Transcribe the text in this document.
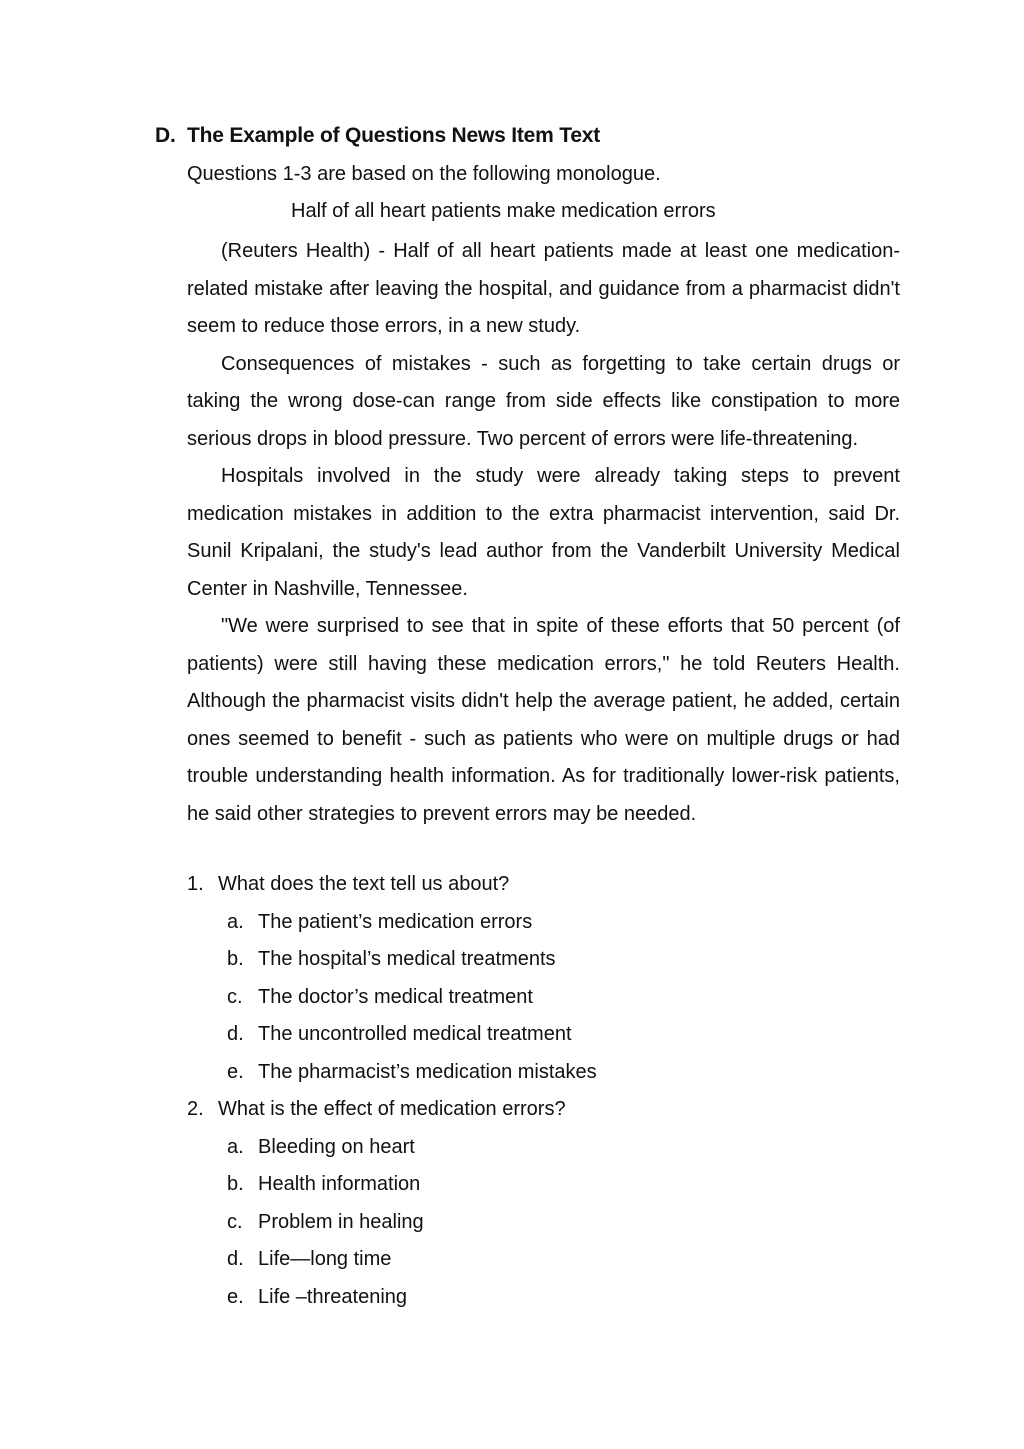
D. The Example of Questions News Item Text
Questions 1-3 are based on the following monologue.
Half of all heart patients make medication errors

(Reuters Health) - Half of all heart patients made at least one medication-related mistake after leaving the hospital, and guidance from a pharmacist didn't seem to reduce those errors, in a new study.

Consequences of mistakes - such as forgetting to take certain drugs or taking the wrong dose-can range from side effects like constipation to more serious drops in blood pressure. Two percent of errors were life-threatening.

Hospitals involved in the study were already taking steps to prevent medication mistakes in addition to the extra pharmacist intervention, said Dr. Sunil Kripalani, the study's lead author from the Vanderbilt University Medical Center in Nashville, Tennessee.

"We were surprised to see that in spite of these efforts that 50 percent (of patients) were still having these medication errors," he told Reuters Health. Although the pharmacist visits didn't help the average patient, he added, certain ones seemed to benefit - such as patients who were on multiple drugs or had trouble understanding health information. As for traditionally lower-risk patients, he said other strategies to prevent errors may be needed.

1. What does the text tell us about?
a. The patient’s medication errors
b. The hospital’s medical treatments
c. The doctor’s medical treatment
d. The uncontrolled medical treatment
e. The pharmacist’s medication mistakes
2. What is the effect of medication errors?
a. Bleeding on heart
b. Health information
c. Problem in healing
d. Life—long time
e. Life –threatening
